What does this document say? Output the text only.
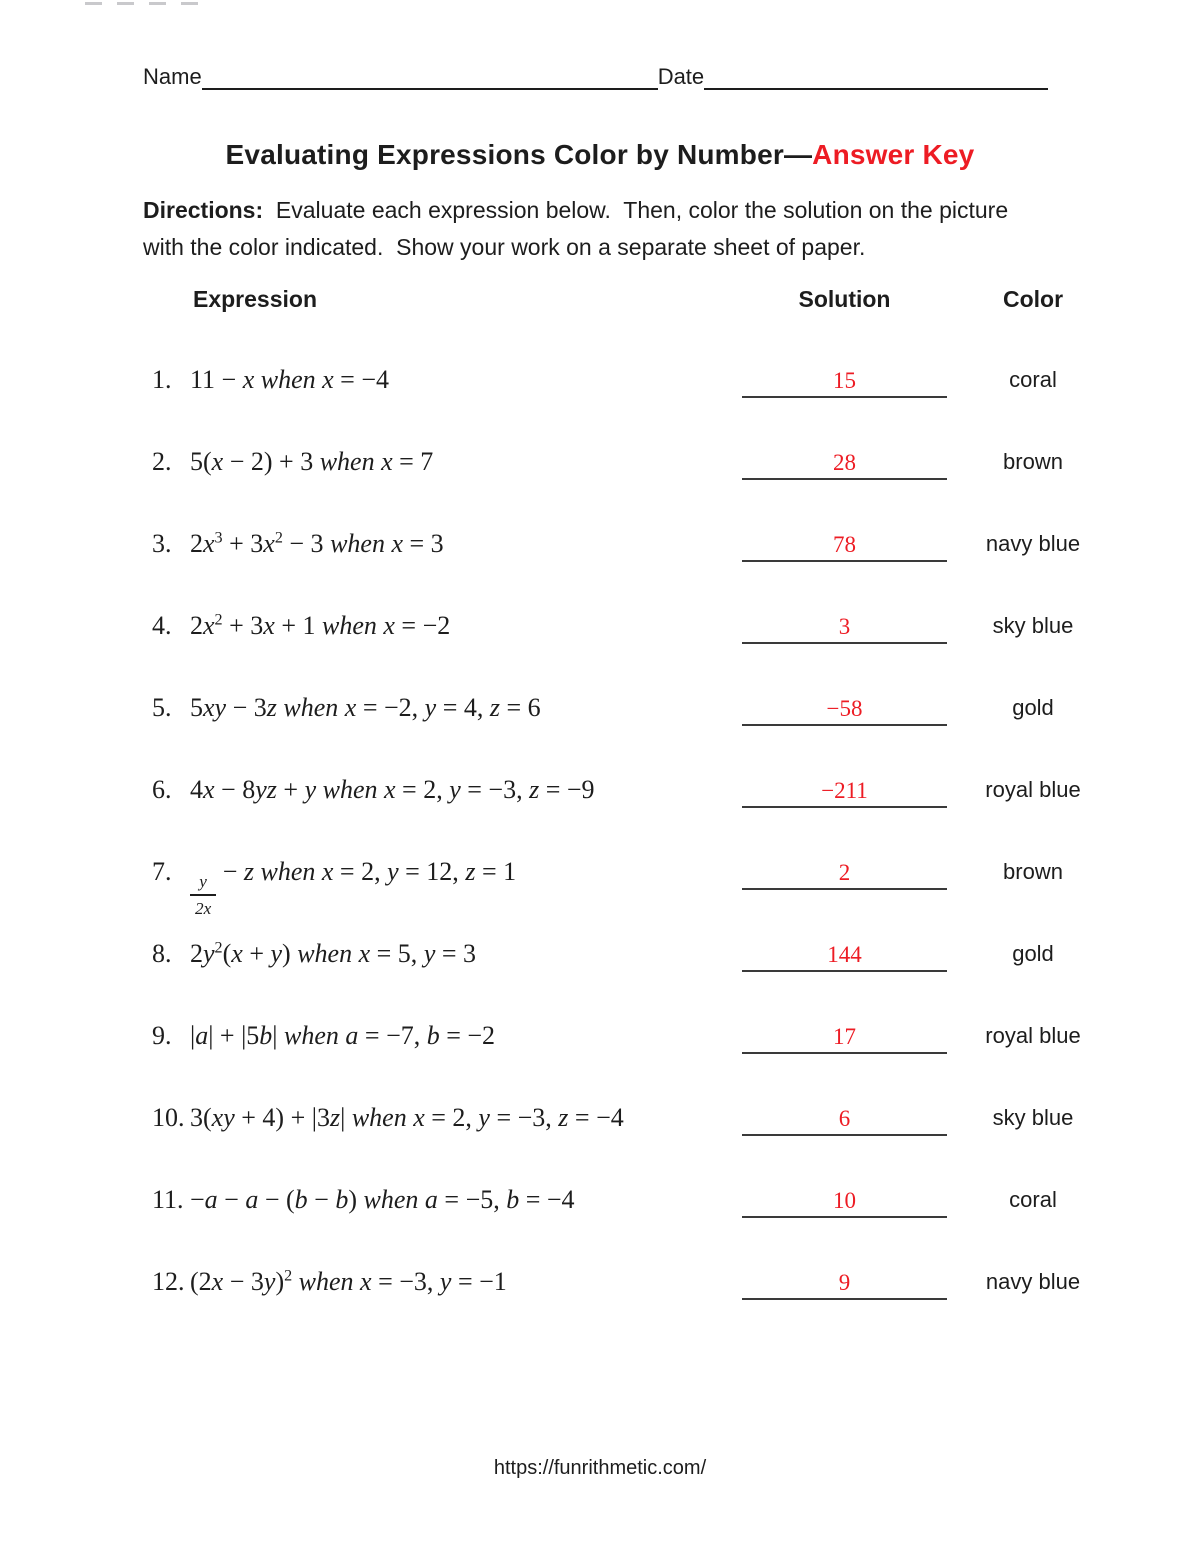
Name	Date
Evaluating Expressions Color by Number—Answer Key
Directions:  Evaluate each expression below.  Then, color the solution on the picture
with the color indicated.  Show your work on a separate sheet of paper.
Expression	Solution	Color
1. 11 − x when x = −4	15	coral
2. 5(x − 2) + 3 when x = 7	28	brown
3. $2x^3 + 3x^2 - 3$ when x = 3	78	navy blue
4. $2x^2 + 3x + 1$ when x = −2	3	sky blue
5. 5xy − 3z when x = −2, y = 4, z = 6	−58	gold
6. 4x − 8yz + y when x = 2, y = −3, z = −9	−211	royal blue
7.
$\frac{y}{2x}$
− z when x = 2, y = 12, z = 1	2	brown
8. $2y^2(x + y)$ when x = 5, y = 3	144	gold
9. |a| + |5b| when a = −7, b = −2	17	royal blue
10. 3(xy + 4) + |3z| when x = 2, y = −3, z = −4	6	sky blue
11. −a − a − (b − b) when a = −5, b = −4	10	coral
12. $(2x - 3y)^2$ when x = −3, y = −1	9	navy blue
https://funrithmetic.com/
